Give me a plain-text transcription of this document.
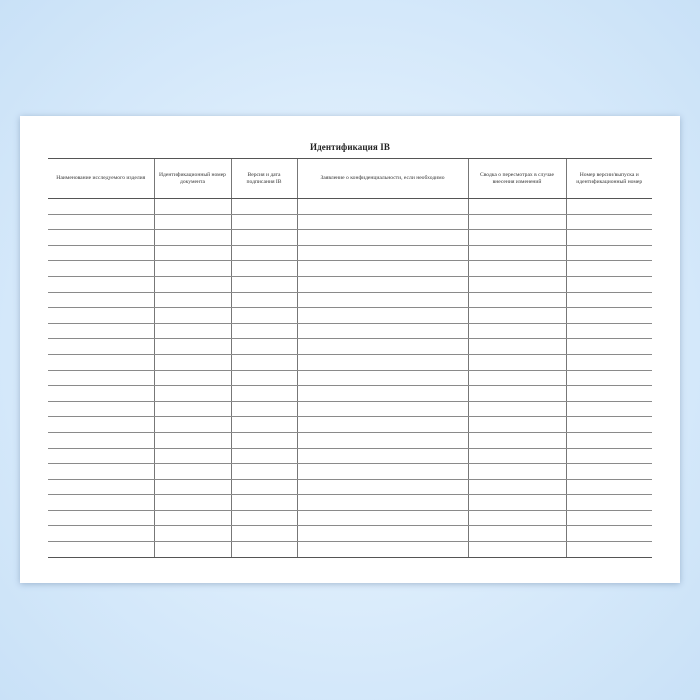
Идентификация IB
Наименование исследуемого изделия	Идентификационный номер документа	Версия и дата подписания IB	Заявление о конфиденциальности, если необходимо	Сводка о пересмотрах в случае внесения изменений	Номер версии/выпуска и идентификационный номер
